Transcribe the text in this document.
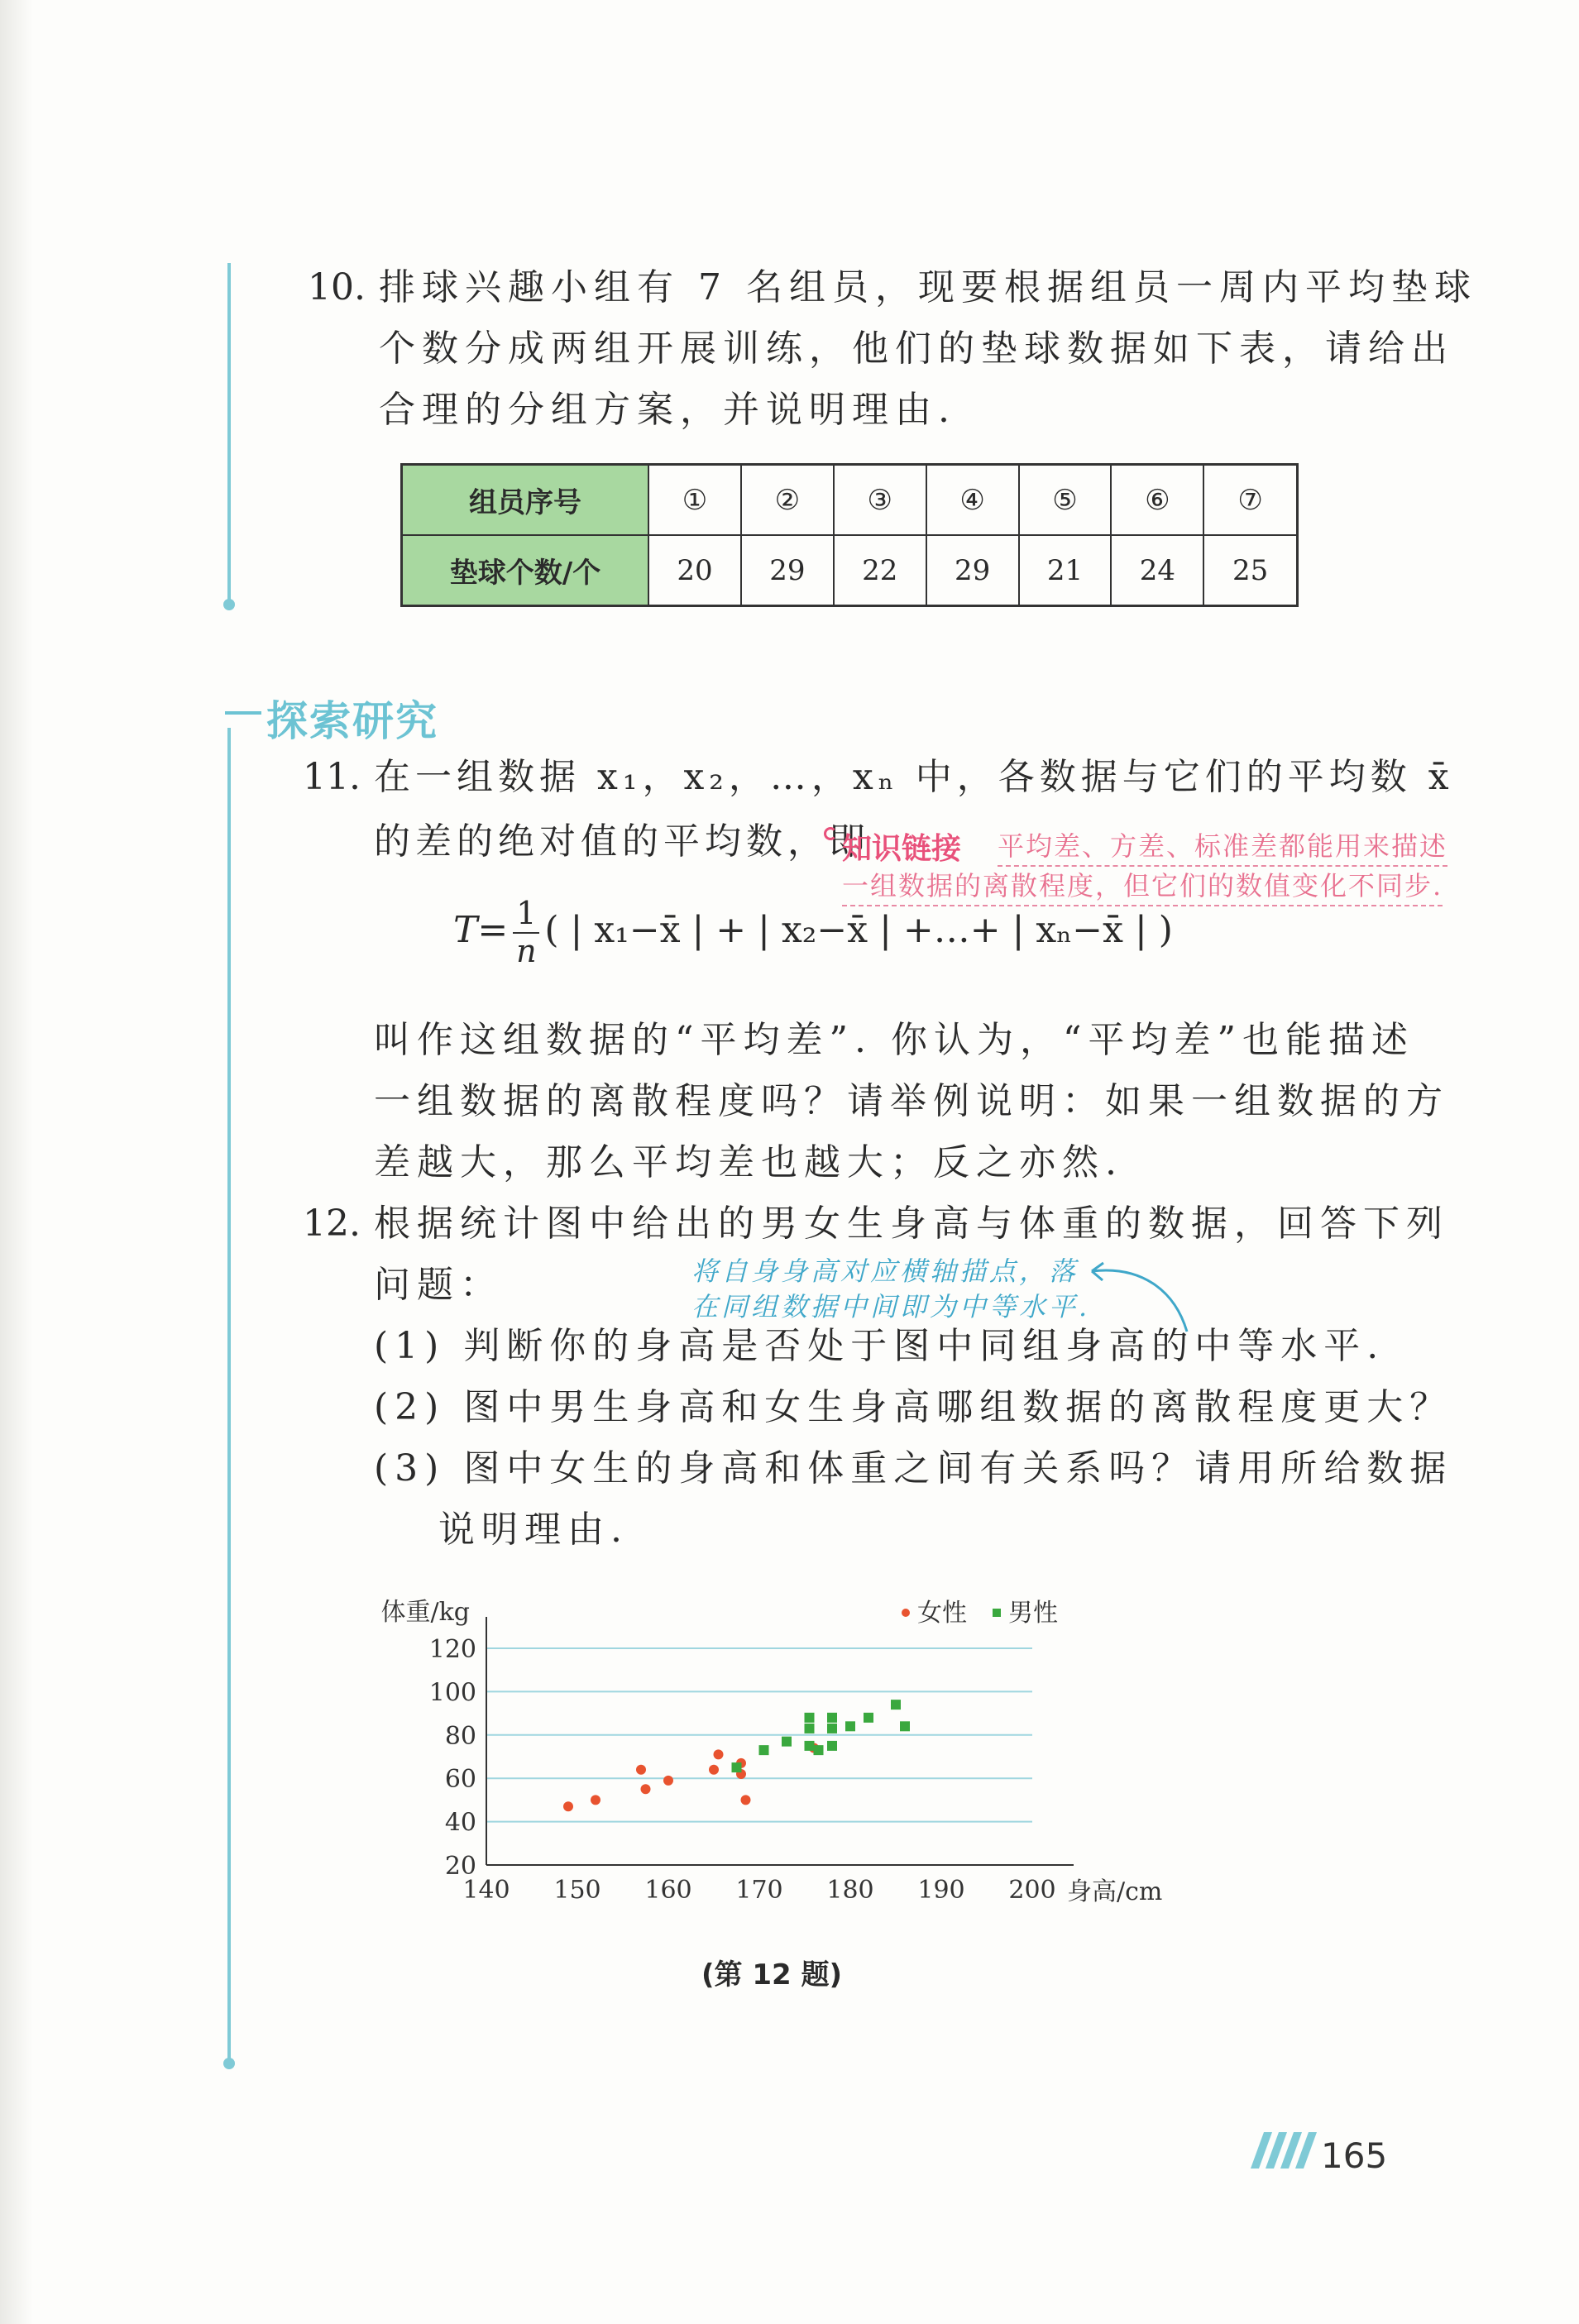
10. 排球兴趣小组有 7 名组员，现要根据组员一周内平均垫球
个数分成两组开展训练，他们的垫球数据如下表，请给出
合理的分组方案，并说明理由.
组员序号	①	②	③	④	⑤	⑥	⑦
垫球个数/个	20	29	22	29	21	24	25
探索研究
11. 在一组数据 x₁，x₂，…，xₙ 中，各数据与它们的平均数 x̄
的差的绝对值的平均数，即
知识链接 平均差、方差、标准差都能用来描述
一组数据的离散程度，但它们的数值变化不同步.
$T= \frac{1}{n}$ ( | x₁−x̄ | + | x₂−x̄ | +…+ | xₙ−x̄ | )
叫作这组数据的“平均差”. 你认为，“平均差”也能描述
一组数据的离散程度吗？请举例说明：如果一组数据的方
差越大，那么平均差也越大；反之亦然.
12. 根据统计图中给出的男女生身高与体重的数据，回答下列
问题：	将自身身高对应横轴描点，落
在同组数据中间即为中等水平.
(1) 判断你的身高是否处于图中同组身高的中等水平.
(2) 图中男生身高和女生身高哪组数据的离散程度更大？
(3) 图中女生的身高和体重之间有关系吗？请用所给数据
说明理由.
20
40
60
80
100
120
140 150 160 170 180 190 200
体重/kg
身高/cm
女性 男性
(第 12 题)
165
